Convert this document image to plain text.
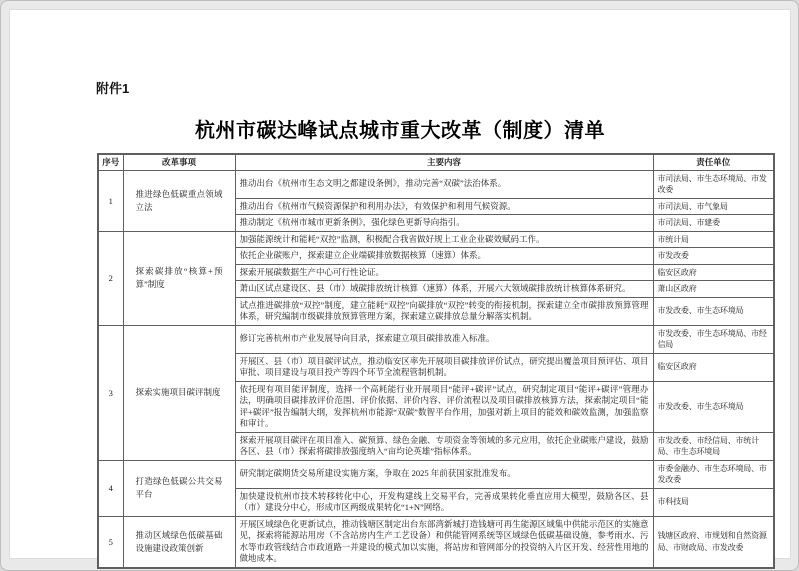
附件1
杭州市碳达峰试点城市重大改革（制度）清单
序号	改革事项	主要内容	责任单位
1	推进绿色低碳重点领域立法	推动出台《杭州市生态文明之都建设条例》，推动完善“双碳”法治体系。	市司法局、市生态环境局、市发改委
		推动出台《杭州市气候资源保护和利用办法》，有效保护和利用气候资源。	市司法局、市气象局
		推动制定《杭州市城市更新条例》，强化绿色更新导向指引。	市司法局、市建委
2	探索碳排放“核算+预算”制度	加强能源统计和能耗“双控”监测，积极配合我省做好规上工业企业碳效赋码工作。	市统计局
		依托企业碳账户，探索建立企业端碳排放数据核算（速算）体系。	市发改委
		探索开展碳数据生产中心可行性论证。	临安区政府
		萧山区试点建设区、县（市）域碳排放统计核算（速算）体系，开展六大领域碳排放统计核算体系研究。	萧山区政府
		试点推进碳排放“双控”制度，建立能耗“双控”向碳排放“双控”转变的衔接机制，探索建立全市碳排放预算管理体系，研究编制市级碳排放预算管理方案，探索建立碳排放总量分解落实机制。	市发改委、市生态环境局
3	探索实施项目碳评制度	修订完善杭州市产业发展导向目录，探索建立项目碳排放准入标准。	市发改委、市生态环境局、市经信局
		开展区、县（市）项目碳评试点，推动临安区率先开展项目碳排放评价试点，研究提出覆盖项目预评估、项目审批、项目建设与项目投产等四个环节全流程管制机制。	临安区政府
		依托现有项目能评制度，选择一个高耗能行业开展项目“能评+碳评”试点，研究制定项目“能评+碳评”管理办法，明确项目碳排放评价范围、评价依据、评价内容、评价流程以及项目碳排放核算方法，探索制定项目“能评+碳评”报告编制大纲，发挥杭州市能源“双碳”数智平台作用，加强对新上项目的能效和碳效监测，加强监察和审计。	市发改委、市生态环境局
		探索开展项目碳评在项目准入、碳预算、绿色金融、专项资金等领域的多元应用，依托企业碳账户建设，鼓励各区、县（市）探索将碳排放强度纳入“亩均论英雄”指标体系。	市发改委、市经信局、市统计局、市生态环境局
4	打造绿色低碳公共交易平台	研究制定碳期货交易所建设实施方案，争取在 2025 年前获国家批准发布。	市委金融办、市生态环境局、市发改委
		加快建设杭州市技术转移转化中心，开发构建线上交易平台，完善成果转化垂直应用大模型，鼓励各区、县（市）建设分中心，形成市区两级成果转化“1+N”网络。	市科技局
5	推动区域绿色低碳基础设施建设政策创新	开展区域绿色化更新试点，推动钱塘区制定出台东部湾新城打造钱塘可再生能源区域集中供能示范区的实施意见，探索将能源站用房（不含站房内生产工艺设备）和供能管网系统等区域绿色低碳基础设施，参考雨水、污水等市政管线结合市政道路一并建设的模式加以实施，将站房和管网部分的投资纳入片区开发、经营性用地的做地成本。	钱塘区政府、市规划和自然资源局、市财政局、市发改委
